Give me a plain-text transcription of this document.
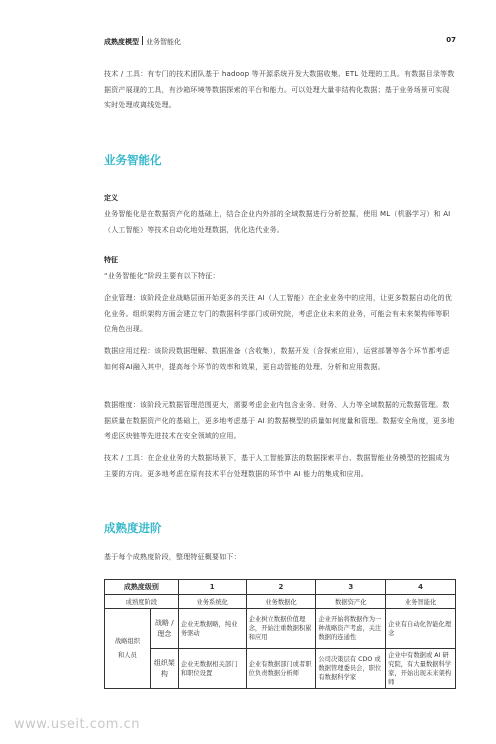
成熟度模型 业务智能化	07

技术 / 工具：有专门的技术团队基于 hadoop 等开源系统开发大数据收集、ETL 处理的工具。有数据目录等数据资产展现的工具，有沙箱环境等数据探索的平台和能力。可以处理大量非结构化数据；基于业务场景可实现实时处理或离线处理。

业务智能化
定义

业务智能化是在数据资产化的基础上，结合企业内外部的全域数据进行分析挖掘，使用 ML（机器学习）和 AI（人工智能）等技术自动化地处理数据，优化迭代业务。

特征

“业务智能化”阶段主要有以下特征：

企业管理：该阶段企业战略层面开始更多的关注 AI（人工智能）在企业业务中的应用，让更多数据自动化的优化业务。组织架构方面会建立专门的数据科学部门或研究院，考虑企业未来的业务，可能会有未来架构师等职位角色出现。

数据应用过程：该阶段数据理解、数据准备（含收集），数据开发（含探索应用），运营部署等各个环节都考虑如何将AI融入其中，提高每个环节的效率和效果，更自动智能的处理、分析和应用数据。

数据维度：该阶段元数据管理范围更大，需要考虑企业内包含业务、财务、人力等全域数据的元数据管理。数据质量在数据资产化的基础上，更多地考虑基于 AI 的数据模型的质量如何度量和管理。数据安全角度，更多地考虑区块链等先进技术在安全领域的应用。

技术 / 工具：在企业业务的大数据场景下，基于人工智能算法的数据探索平台、数据智能业务模型的挖掘成为主要的方向。更多地考虑在原有技术平台处理数据的环节中 AI 能力的集成和应用。

成熟度进阶

基于每个成熟度阶段，整理特征概要如下：

成熟度级别		1	2	3	4
成熟度阶段		业务系统化	业务数据化	数据资产化	业务智能化
战略组织和人员	战略 / 理念	企业无数据略，纯业务驱动	企业树立数据价值理念，开始注重数据积累和应用	企业开始将数据作为一种战略资产考虑，关注数据的连通性	企业有自动化智能化理念

	组织架构	企业无数据相关部门和职位设置	企业有数据部门或者职位负责数据分析师	公司决策层有 CDO 或数据管理委员会，职位有数据科学家	企业中有数据或 AI 研究院，有大量数据科学家，开始出现未来架构师
www.useit.com.cn
